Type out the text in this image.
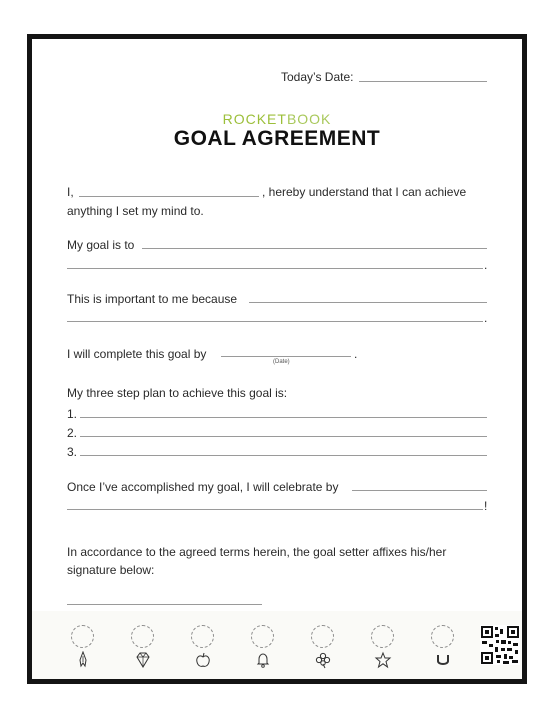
Today’s Date:
ROCKETBOOK
GOAL AGREEMENT
I,	, hereby understand that I can achieve
anything I set my mind to.
My goal is to
.
This is important to me because
.
I will complete this goal by	.
(Date)
My three step plan to achieve this goal is:
1.
2.
3.
Once I’ve accomplished my goal, I will celebrate by
!
In accordance to the agreed terms herein, the goal setter affixes his/her
signature below:
